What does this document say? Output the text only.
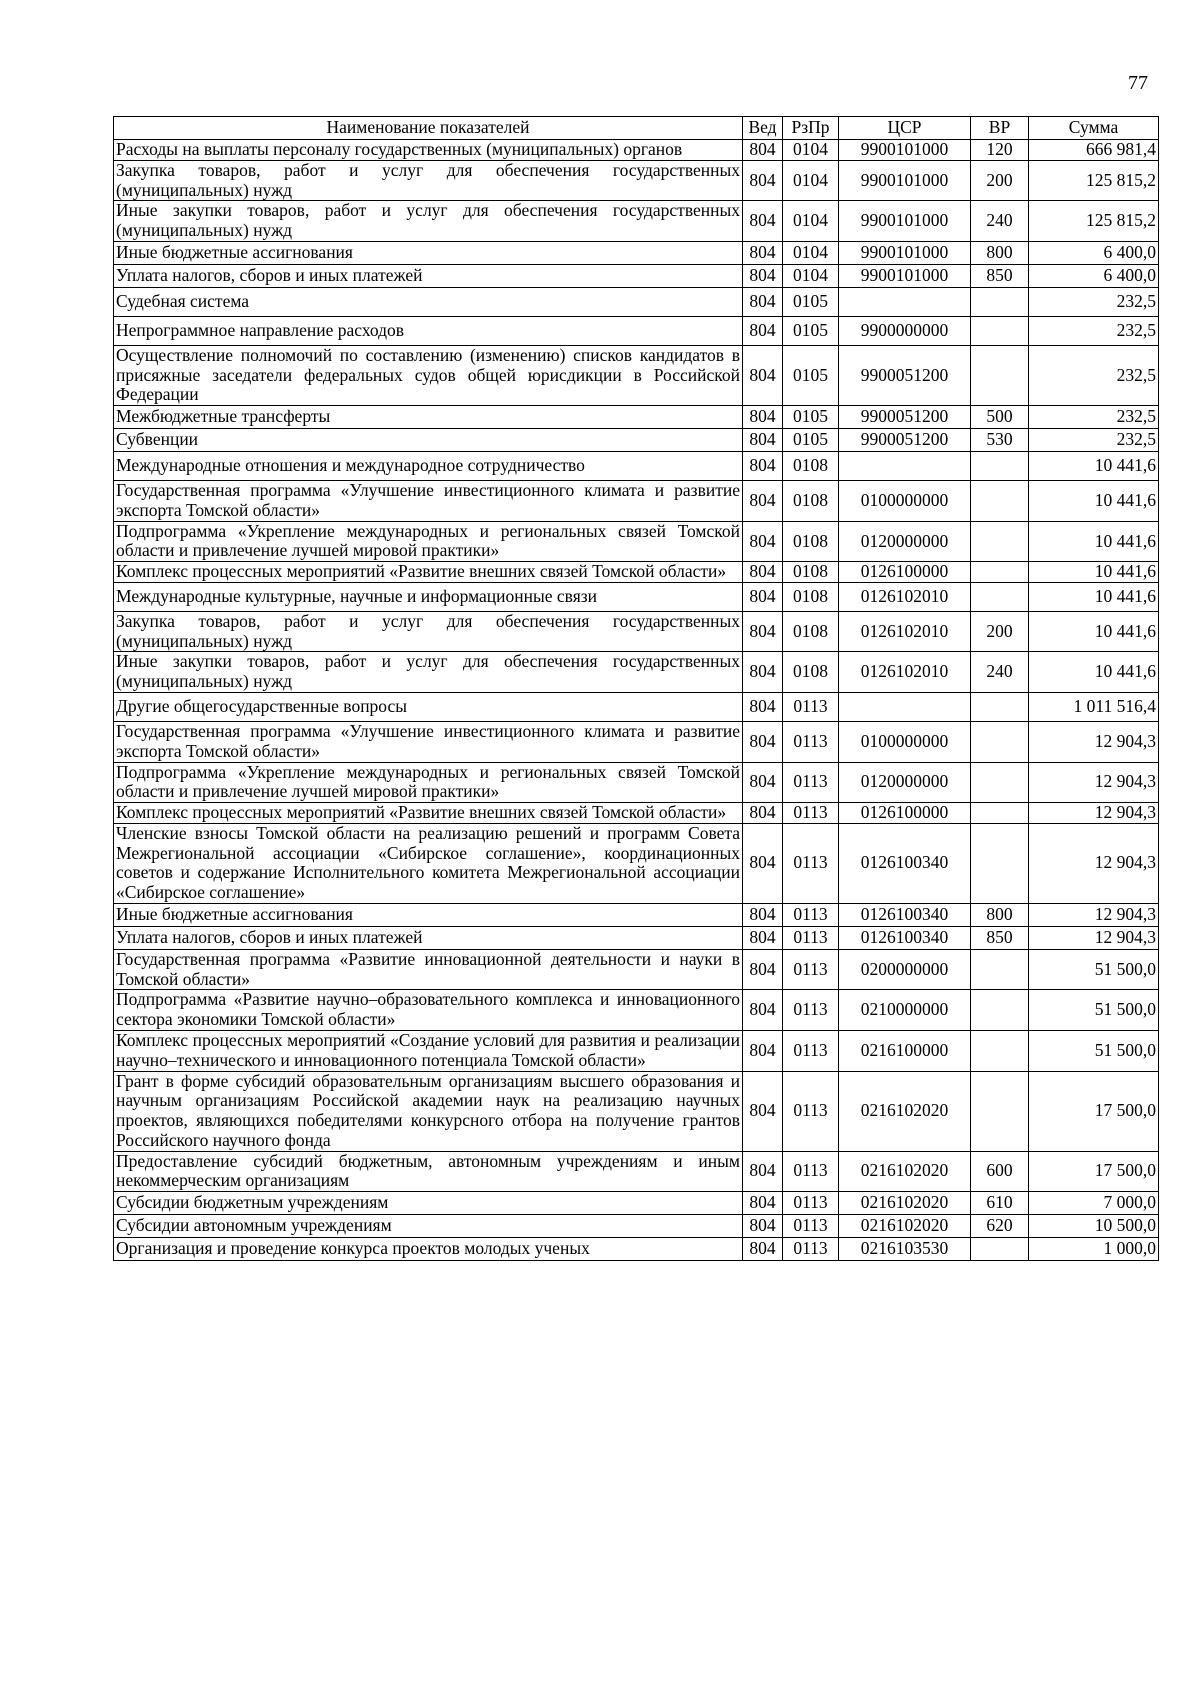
77
Наименование показателей	Вед	РзПр	ЦСР	ВР	Сумма
Расходы на выплаты персоналу государственных (муниципальных) органов	804	0104	9900101000	120	666 981,4
Закупка товаров, работ и услуг для обеспечения государственных (муниципальных) нужд	804	0104	9900101000	200	125 815,2
Иные закупки товаров, работ и услуг для обеспечения государственных (муниципальных) нужд	804	0104	9900101000	240	125 815,2
Иные бюджетные ассигнования	804	0104	9900101000	800	6 400,0
Уплата налогов, сборов и иных платежей	804	0104	9900101000	850	6 400,0
Судебная система	804	0105			232,5
Непрограммное направление расходов	804	0105	9900000000		232,5
Осуществление полномочий по составлению (изменению) списков кандидатов в присяжные заседатели федеральных судов общей юрисдикции в Российской Федерации	804	0105	9900051200		232,5
Межбюджетные трансферты	804	0105	9900051200	500	232,5
Субвенции	804	0105	9900051200	530	232,5
Международные отношения и международное сотрудничество	804	0108			10 441,6
Государственная программа «Улучшение инвестиционного климата и развитие экспорта Томской области»	804	0108	0100000000		10 441,6
Подпрограмма «Укрепление международных и региональных связей Томской области и привлечение лучшей мировой практики»	804	0108	0120000000		10 441,6
Комплекс процессных мероприятий «Развитие внешних связей Томской области»	804	0108	0126100000		10 441,6
Международные культурные, научные и информационные связи	804	0108	0126102010		10 441,6
Закупка товаров, работ и услуг для обеспечения государственных (муниципальных) нужд	804	0108	0126102010	200	10 441,6
Иные закупки товаров, работ и услуг для обеспечения государственных (муниципальных) нужд	804	0108	0126102010	240	10 441,6
Другие общегосударственные вопросы	804	0113			1 011 516,4
Государственная программа «Улучшение инвестиционного климата и развитие экспорта Томской области»	804	0113	0100000000		12 904,3
Подпрограмма «Укрепление международных и региональных связей Томской области и привлечение лучшей мировой практики»	804	0113	0120000000		12 904,3
Комплекс процессных мероприятий «Развитие внешних связей Томской области»	804	0113	0126100000		12 904,3
Членские взносы Томской области на реализацию решений и программ Совета Межрегиональной ассоциации «Сибирское соглашение», координационных советов и содержание Исполнительного комитета Межрегиональной ассоциации «Сибирское соглашение»	804	0113	0126100340		12 904,3
Иные бюджетные ассигнования	804	0113	0126100340	800	12 904,3
Уплата налогов, сборов и иных платежей	804	0113	0126100340	850	12 904,3
Государственная программа «Развитие инновационной деятельности и науки в Томской области»	804	0113	0200000000		51 500,0
Подпрограмма «Развитие научно–образовательного комплекса и инновационного сектора экономики Томской области»	804	0113	0210000000		51 500,0
Комплекс процессных мероприятий «Создание условий для развития и реализации научно–технического и инновационного потенциала Томской области»	804	0113	0216100000		51 500,0
Грант в форме субсидий образовательным организациям высшего образования и научным организациям Российской академии наук на реализацию научных проектов, являющихся победителями конкурсного отбора на получение грантов Российского научного фонда	804	0113	0216102020		17 500,0
Предоставление субсидий бюджетным, автономным учреждениям и иным некоммерческим организациям	804	0113	0216102020	600	17 500,0
Субсидии бюджетным учреждениям	804	0113	0216102020	610	7 000,0
Субсидии автономным учреждениям	804	0113	0216102020	620	10 500,0
Организация и проведение конкурса проектов молодых ученых	804	0113	0216103530		1 000,0
